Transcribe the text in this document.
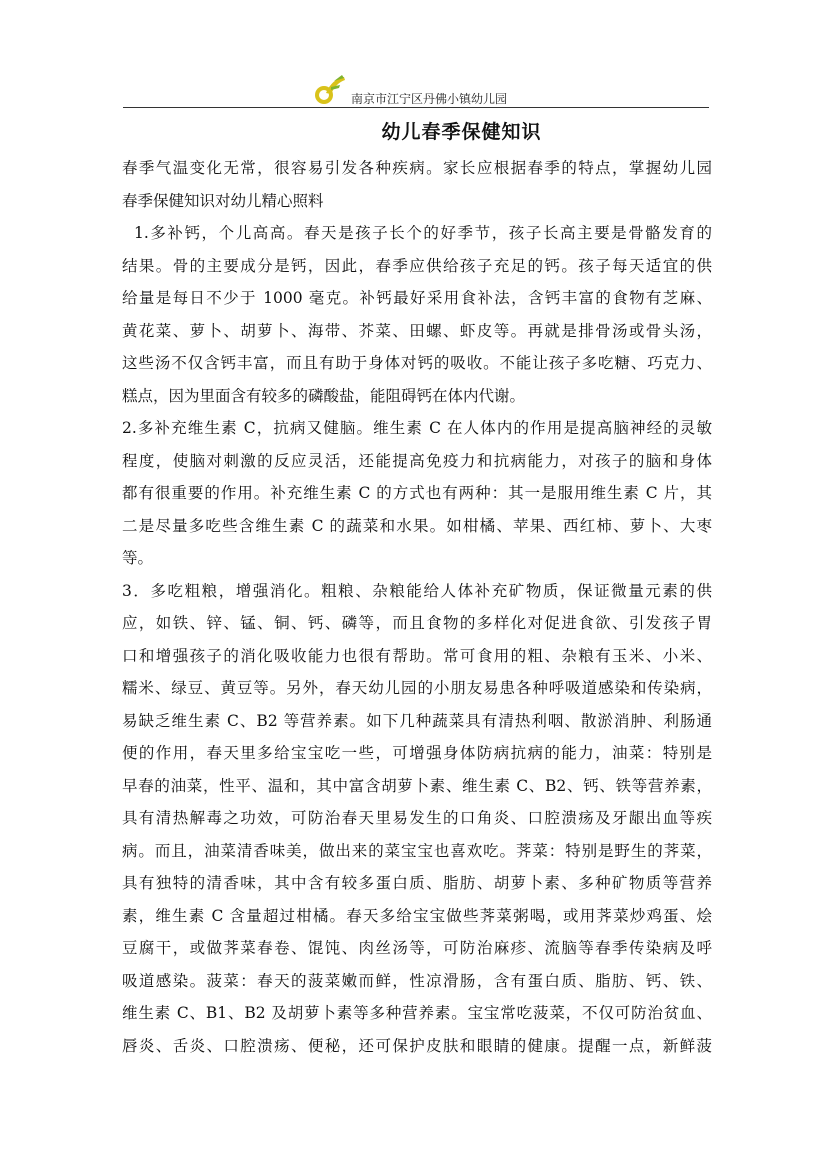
南京市江宁区丹佛小镇幼儿园
幼儿春季保健知识
春季气温变化无常，很容易引发各种疾病。家长应根据春季的特点，掌握幼儿园
春季保健知识对幼儿精心照料
1.多补钙，个儿高高。春天是孩子长个的好季节，孩子长高主要是骨骼发育的
结果。骨的主要成分是钙，因此，春季应供给孩子充足的钙。孩子每天适宜的供
给量是每日不少于 1000 毫克。补钙最好采用食补法，含钙丰富的食物有芝麻、
黄花菜、萝卜、胡萝卜、海带、芥菜、田螺、虾皮等。再就是排骨汤或骨头汤，
这些汤不仅含钙丰富，而且有助于身体对钙的吸收。不能让孩子多吃糖、巧克力、
糕点，因为里面含有较多的磷酸盐，能阻碍钙在体内代谢。
2.多补充维生素 C，抗病又健脑。维生素 C 在人体内的作用是提高脑神经的灵敏
程度，使脑对刺激的反应灵活，还能提高免疫力和抗病能力，对孩子的脑和身体
都有很重要的作用。补充维生素 C 的方式也有两种：其一是服用维生素 C 片，其
二是尽量多吃些含维生素 C 的蔬菜和水果。如柑橘、苹果、西红柿、萝卜、大枣
等。
3．多吃粗粮，增强消化。粗粮、杂粮能给人体补充矿物质，保证微量元素的供
应，如铁、锌、锰、铜、钙、磷等，而且食物的多样化对促进食欲、引发孩子胃
口和增强孩子的消化吸收能力也很有帮助。常可食用的粗、杂粮有玉米、小米、
糯米、绿豆、黄豆等。另外，春天幼儿园的小朋友易患各种呼吸道感染和传染病，
易缺乏维生素 C、B2 等营养素。如下几种蔬菜具有清热利咽、散淤消肿、利肠通
便的作用，春天里多给宝宝吃一些，可增强身体防病抗病的能力，油菜：特别是
早春的油菜，性平、温和，其中富含胡萝卜素、维生素 C、B2、钙、铁等营养素，
具有清热解毒之功效，可防治春天里易发生的口角炎、口腔溃疡及牙龈出血等疾
病。而且，油菜清香味美，做出来的菜宝宝也喜欢吃。荠菜：特别是野生的荠菜，
具有独特的清香味，其中含有较多蛋白质、脂肪、胡萝卜素、多种矿物质等营养
素，维生素 C 含量超过柑橘。春天多给宝宝做些荠菜粥喝，或用荠菜炒鸡蛋、烩
豆腐干，或做荠菜春卷、馄饨、肉丝汤等，可防治麻疹、流脑等春季传染病及呼
吸道感染。菠菜：春天的菠菜嫩而鲜，性凉滑肠，含有蛋白质、脂肪、钙、铁、
维生素 C、B1、B2 及胡萝卜素等多种营养素。宝宝常吃菠菜，不仅可防治贫血、
唇炎、舌炎、口腔溃疡、便秘，还可保护皮肤和眼睛的健康。提醒一点，新鲜菠
